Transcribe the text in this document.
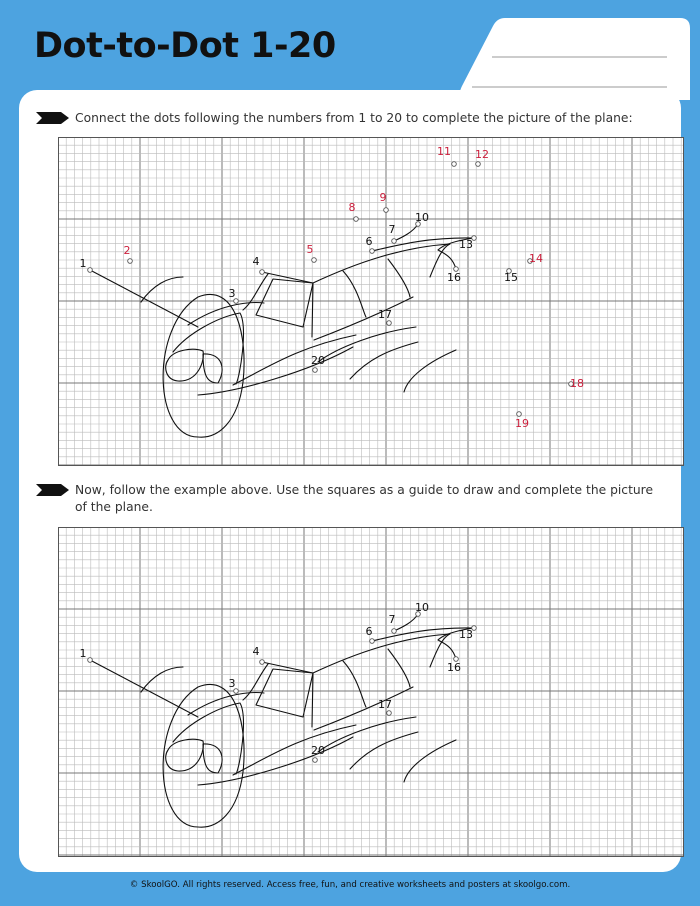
Dot-to-Dot 1-20
Connect the dots following the numbers from 1 to 20 to complete the picture of the plane:
1
2
3
4
5
6
7
8
9
10
11 12
13
14
15
16
17
18
19
20
Now, follow the example above. Use the squares as a guide to draw and complete the picture of the plane.
1
3
4
6
7
10
13
16
17
20
© SkoolGO. All rights reserved. Access free, fun, and creative worksheets and posters at skoolgo.com.
